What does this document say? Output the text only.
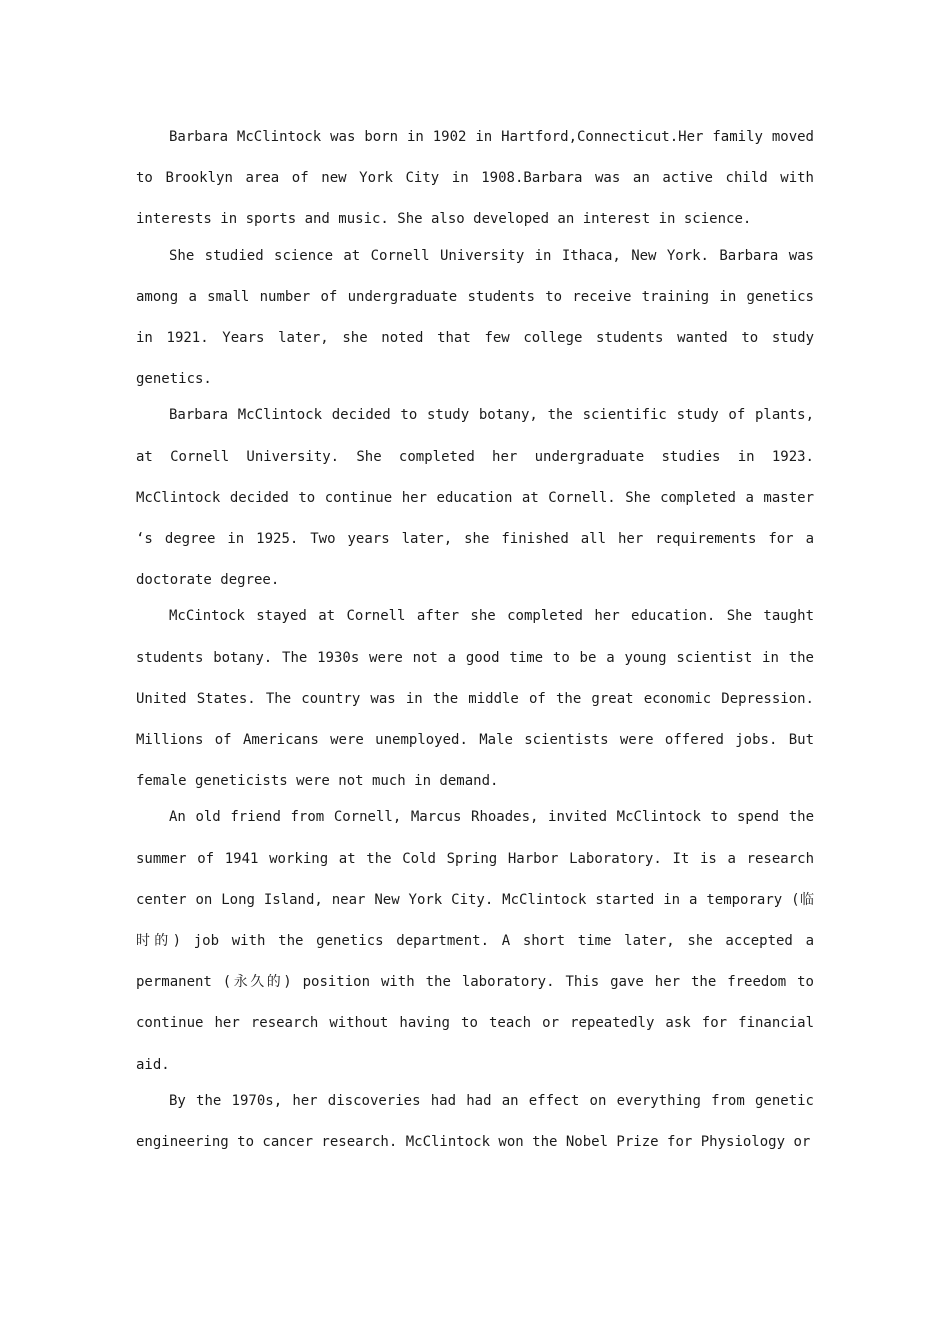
Barbara McClintock was born in 1902 in Hartford,Connecticut.Her family moved to Brooklyn area of new York City in 1908.Barbara was an active child with interests in sports and music. She also developed an interest in science.

She studied science at Cornell University in Ithaca, New York. Barbara was among a small number of undergraduate students to receive training in genetics in 1921. Years later, she noted that few college students wanted to study genetics.

Barbara McClintock decided to study botany, the scientific study of plants, at Cornell University. She completed her undergraduate studies in 1923. McClintock decided to continue her education at Cornell. She completed a master ‘s degree in 1925. Two years later, she finished all her requirements for a doctorate degree.

McCintock stayed at Cornell after she completed her education. She taught students botany. The 1930s were not a good time to be a young scientist in the United States. The country was in the middle of the great economic Depression. Millions of Americans were unemployed. Male scientists were offered jobs. But female geneticists were not much in demand.

An old friend from Cornell, Marcus Rhoades, invited McClintock to spend the summer of 1941 working at the Cold Spring Harbor Laboratory. It is a research center on Long Island, near New York City. McClintock started in a temporary (临时的) job with the genetics department. A short time later, she accepted a permanent (永久的) position with the laboratory. This gave her the freedom to continue her research without having to teach or repeatedly ask for financial aid.

By the 1970s, her discoveries had had an effect on everything from genetic engineering to cancer research. McClintock won the Nobel Prize for Physiology or
